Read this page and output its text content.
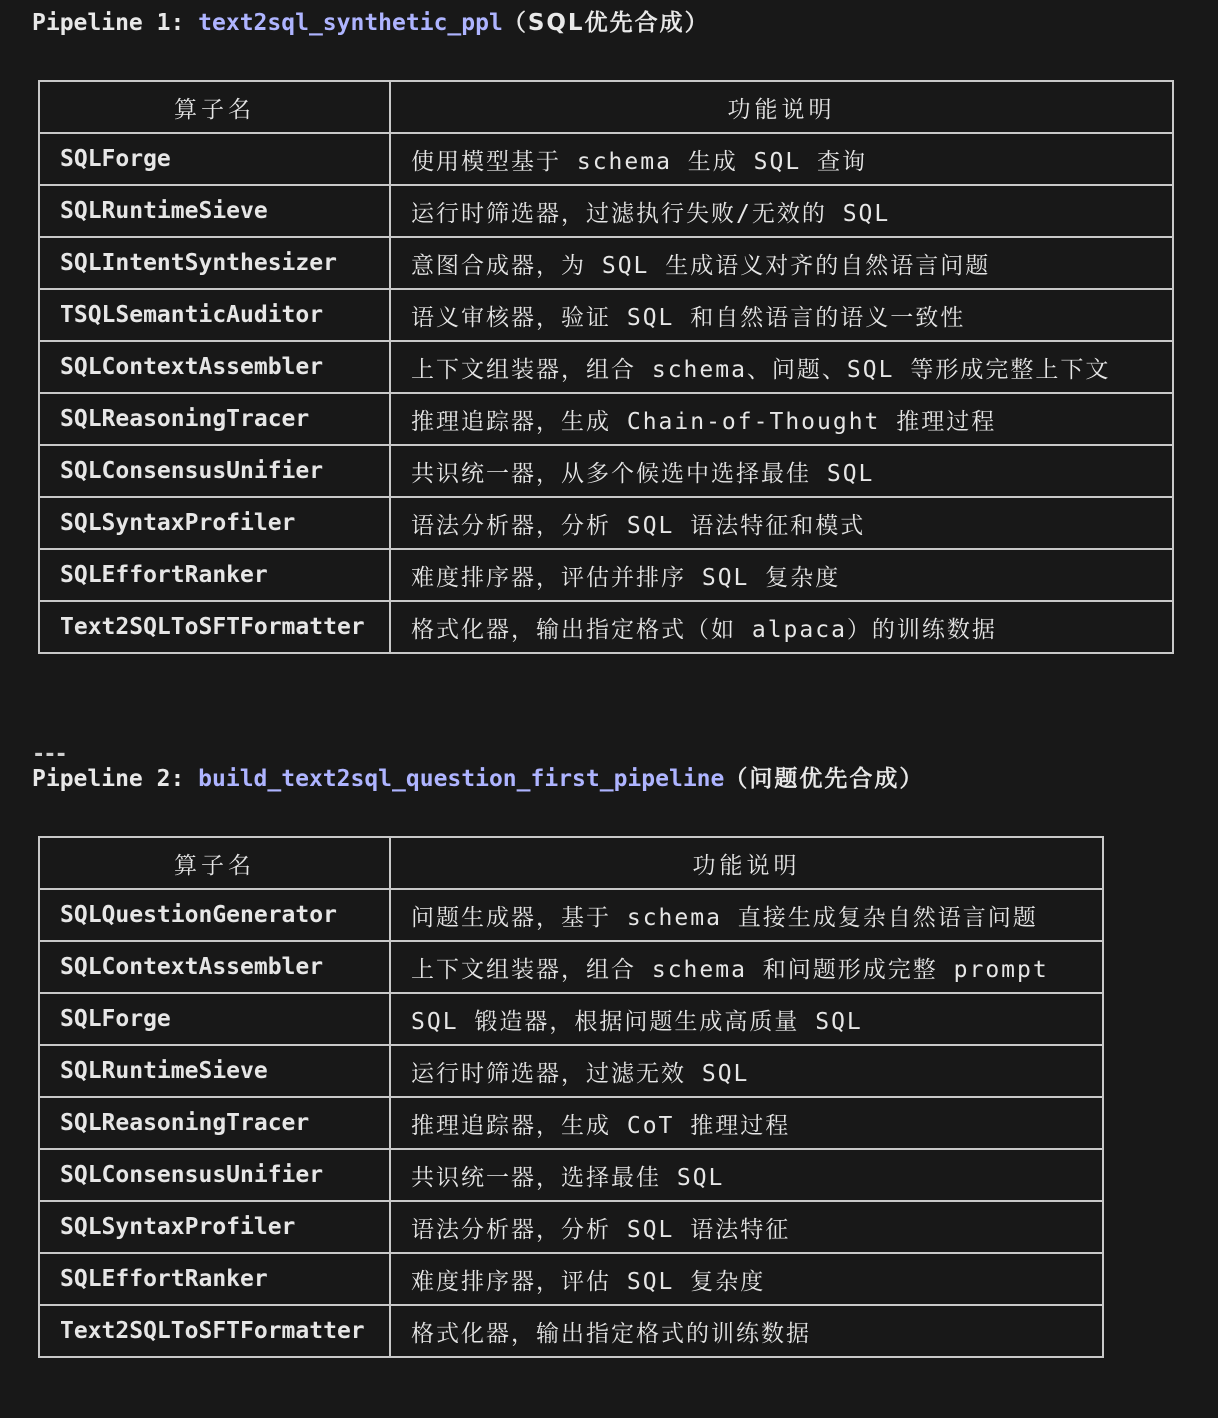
Pipeline 1: text2sql_synthetic_ppl（SQL优先合成）
算子名	功能说明
SQLForge	使用模型基于 schema 生成 SQL 查询
SQLRuntimeSieve	运行时筛选器，过滤执行失败/无效的 SQL
SQLIntentSynthesizer	意图合成器，为 SQL 生成语义对齐的自然语言问题
TSQLSemanticAuditor	语义审核器，验证 SQL 和自然语言的语义一致性
SQLContextAssembler	上下文组装器，组合 schema、问题、SQL 等形成完整上下文
SQLReasoningTracer	推理追踪器，生成 Chain-of-Thought 推理过程
SQLConsensusUnifier	共识统一器，从多个候选中选择最佳 SQL
SQLSyntaxProfiler	语法分析器，分析 SQL 语法特征和模式
SQLEffortRanker	难度排序器，评估并排序 SQL 复杂度
Text2SQLToSFTFormatter	格式化器，输出指定格式（如 alpaca）的训练数据
---
Pipeline 2: build_text2sql_question_first_pipeline（问题优先合成）
算子名	功能说明
SQLQuestionGenerator	问题生成器，基于 schema 直接生成复杂自然语言问题
SQLContextAssembler	上下文组装器，组合 schema 和问题形成完整 prompt
SQLForge	SQL 锻造器，根据问题生成高质量 SQL
SQLRuntimeSieve	运行时筛选器，过滤无效 SQL
SQLReasoningTracer	推理追踪器，生成 CoT 推理过程
SQLConsensusUnifier	共识统一器，选择最佳 SQL
SQLSyntaxProfiler	语法分析器，分析 SQL 语法特征
SQLEffortRanker	难度排序器，评估 SQL 复杂度
Text2SQLToSFTFormatter	格式化器，输出指定格式的训练数据
